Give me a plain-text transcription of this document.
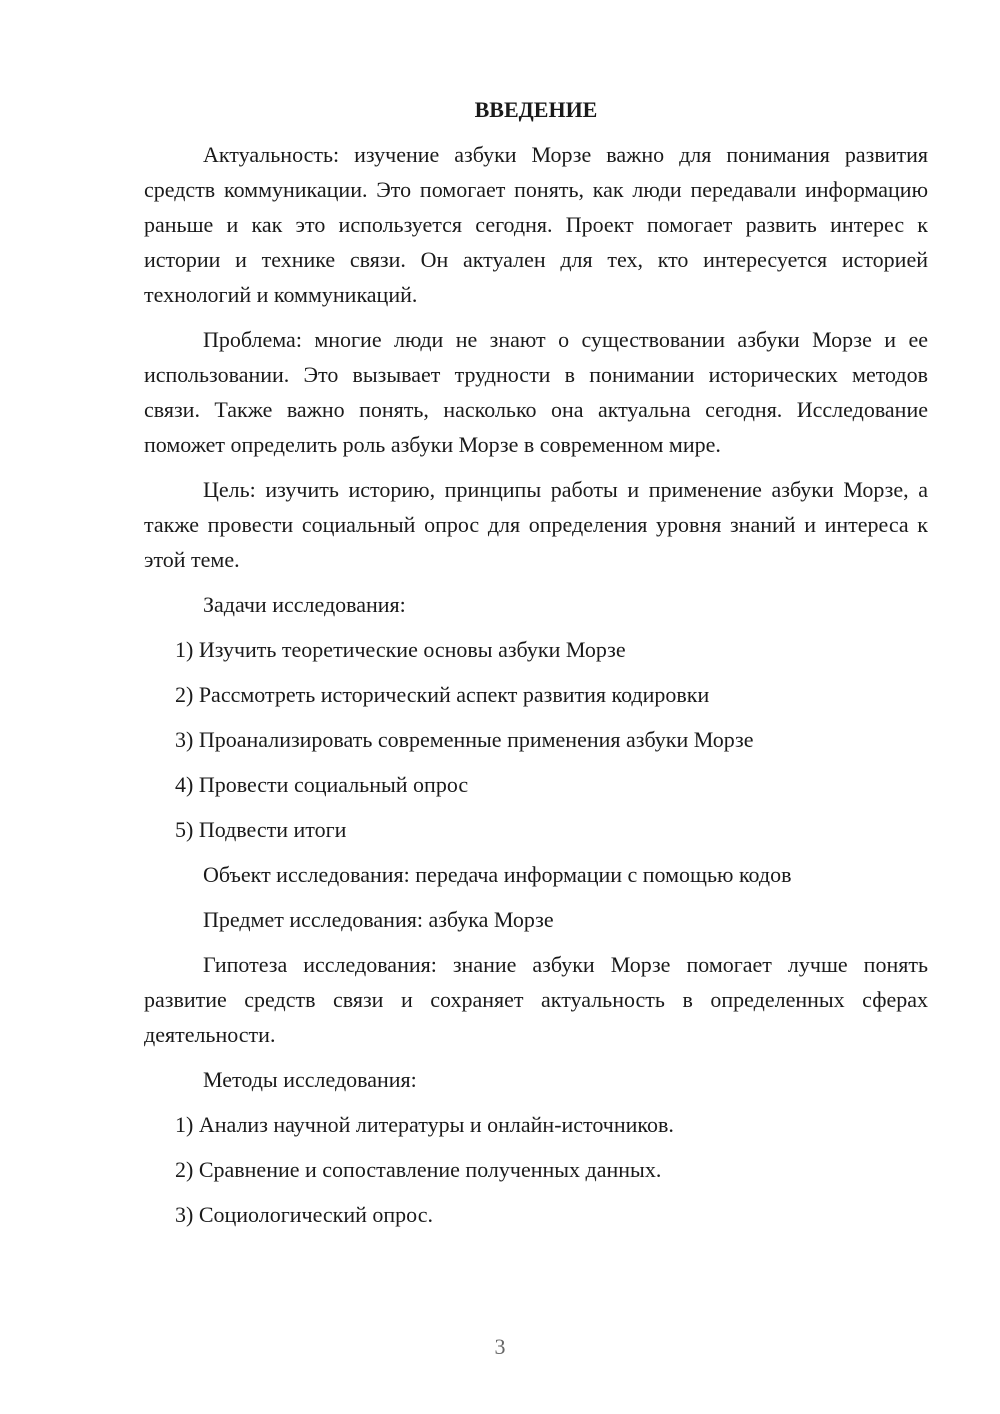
ВВЕДЕНИЕ

Актуальность: изучение азбуки Морзе важно для понимания развития средств коммуникации. Это помогает понять, как люди передавали информацию раньше и как это используется сегодня. Проект помогает развить интерес к истории и технике связи. Он актуален для тех, кто интересуется историей технологий и коммуникаций.

Проблема: многие люди не знают о существовании азбуки Морзе и ее использовании. Это вызывает трудности в понимании исторических методов связи. Также важно понять, насколько она актуальна сегодня. Исследование поможет определить роль азбуки Морзе в современном мире.

Цель: изучить историю, принципы работы и применение азбуки Морзе, а также провести социальный опрос для определения уровня знаний и интереса к этой теме.

Задачи исследования:

1) Изучить теоретические основы азбуки Морзе
2) Рассмотреть исторический аспект развития кодировки
3) Проанализировать современные применения азбуки Морзе
4) Провести социальный опрос
5) Подвести итоги

Объект исследования: передача информации с помощью кодов

Предмет исследования: азбука Морзе

Гипотеза исследования: знание азбуки Морзе помогает лучше понять развитие средств связи и сохраняет актуальность в определенных сферах деятельности.

Методы исследования:

1) Анализ научной литературы и онлайн-источников.
2) Сравнение и сопоставление полученных данных.
3) Социологический опрос.
3
